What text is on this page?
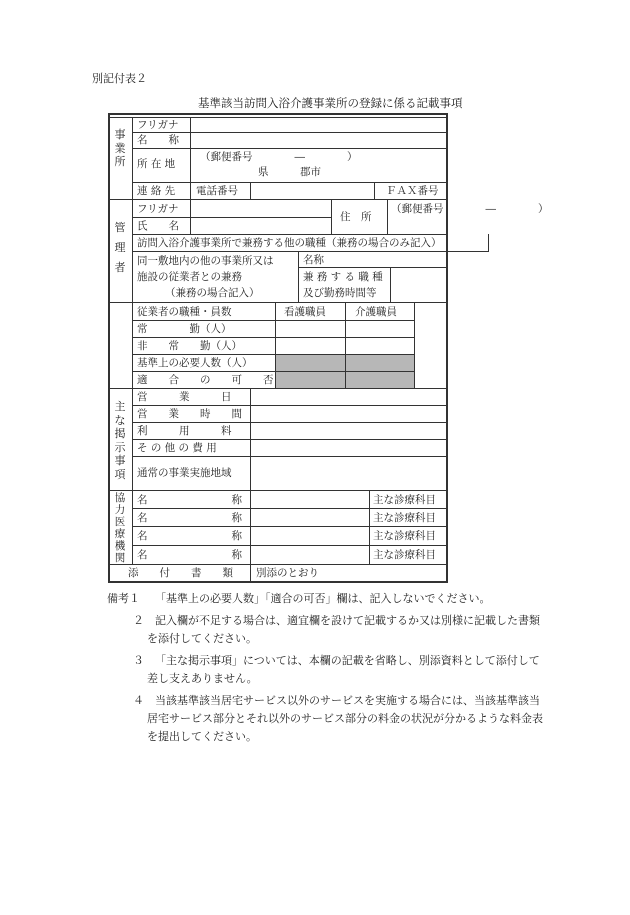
別記付表２
基準該当訪問入浴介護事業所の登録に係る記載事項
事業所
フリガナ
名　　称
所 在 地
（郵便番号　　　　―　　　　）
県　　　郡市
連 絡 先 電話番号	ＦＡＸ番号
管理者
フリガナ
氏　　名
住　所
（郵便番号　　　　―　　　　）
訪問入浴介護事業所で兼務する他の職種（兼務の場合のみ記入）
同一敷地内の他の事業所又は
施設の従業者との兼務
（兼務の場合記入）
名称
兼 務 す る 職 種
及び勤務時間等
従業者の職種・員数	看護職員	介護職員
常　　　　勤（人）
非　　常　　勤（人）
基準上の必要人数（人）
適　　合　　の　　可　　否
主な掲示事項
営　　　業　　　日
営　　業　　時　　間
利　　　用　　　料
そ の 他 の 費 用
通常の事業実施地域
協力医療機関
名　　　　　　　　称	主な診療科目
名　　　　　　　　称	主な診療科目
名　　　　　　　　称	主な診療科目
名　　　　　　　　称	主な診療科目
添　　付　　書　　類 別添のとおり
備考１ 「基準上の必要人数」「適合の可否」欄は、記入しないでください。
２ 記入欄が不足する場合は、適宜欄を設けて記載するか又は別様に記載した書類
を添付してください。
３ 「主な掲示事項」については、本欄の記載を省略し、別添資料として添付して
差し支えありません。
４ 当該基準該当居宅サービス以外のサービスを実施する場合には、当該基準該当
居宅サービス部分とそれ以外のサービス部分の料金の状況が分かるような料金表
を提出してください。
